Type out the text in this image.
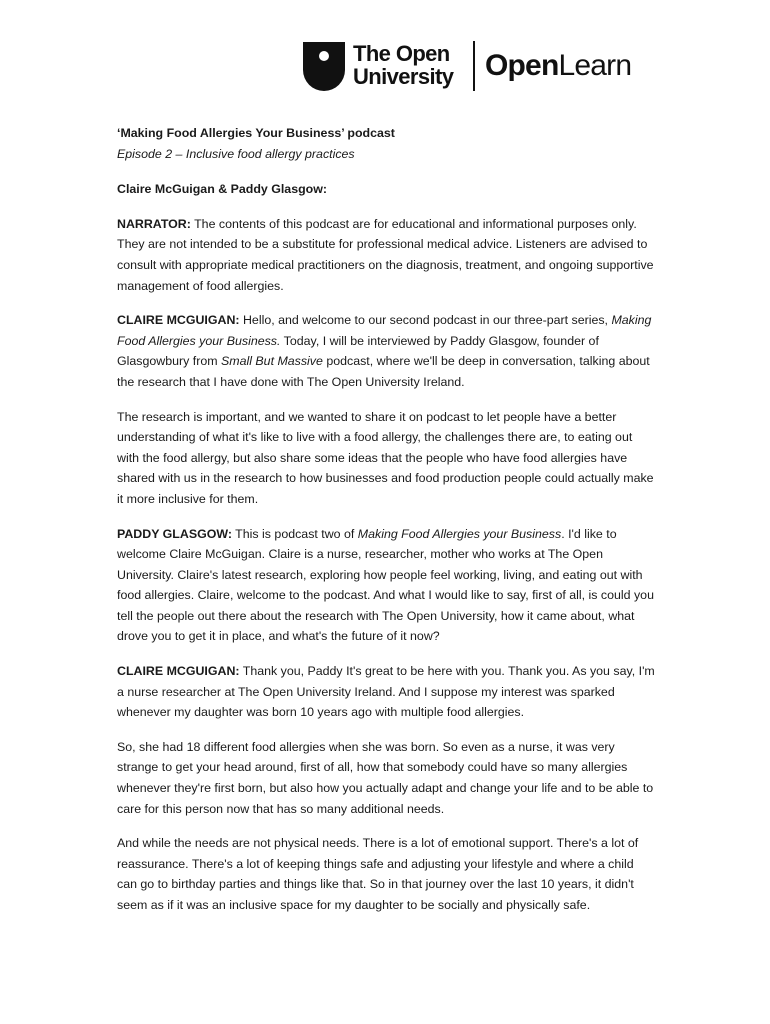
The Open
University OpenLearn

‘Making Food Allergies Your Business’ podcast

Episode 2 – Inclusive food allergy practices

Claire McGuigan & Paddy Glasgow:

NARRATOR: The contents of this podcast are for educational and informational purposes only. They are not intended to be a substitute for professional medical advice. Listeners are advised to consult with appropriate medical practitioners on the diagnosis, treatment, and ongoing supportive management of food allergies.

CLAIRE MCGUIGAN: Hello, and welcome to our second podcast in our three-part series, Making Food Allergies your Business. Today, I will be interviewed by Paddy Glasgow, founder of Glasgowbury from Small But Massive podcast, where we'll be deep in conversation, talking about the research that I have done with The Open University Ireland.

The research is important, and we wanted to share it on podcast to let people have a better understanding of what it's like to live with a food allergy, the challenges there are, to eating out with the food allergy, but also share some ideas that the people who have food allergies have shared with us in the research to how businesses and food production people could actually make it more inclusive for them.

PADDY GLASGOW: This is podcast two of Making Food Allergies your Business. I'd like to welcome Claire McGuigan. Claire is a nurse, researcher, mother who works at The Open University. Claire's latest research, exploring how people feel working, living, and eating out with food allergies. Claire, welcome to the podcast. And what I would like to say, first of all, is could you tell the people out there about the research with The Open University, how it came about, what drove you to get it in place, and what's the future of it now?

CLAIRE MCGUIGAN: Thank you, Paddy It's great to be here with you. Thank you. As you say, I'm a nurse researcher at The Open University Ireland. And I suppose my interest was sparked whenever my daughter was born 10 years ago with multiple food allergies.

So, she had 18 different food allergies when she was born. So even as a nurse, it was very strange to get your head around, first of all, how that somebody could have so many allergies whenever they're first born, but also how you actually adapt and change your life and to be able to care for this person now that has so many additional needs.

And while the needs are not physical needs. There is a lot of emotional support. There's a lot of reassurance. There's a lot of keeping things safe and adjusting your lifestyle and where a child can go to birthday parties and things like that. So in that journey over the last 10 years, it didn't seem as if it was an inclusive space for my daughter to be socially and physically safe.
